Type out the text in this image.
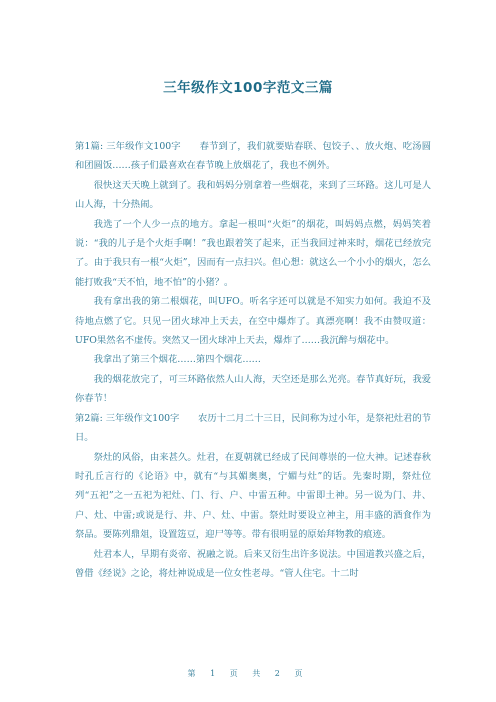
三年级作文100字范文三篇

第1篇: 三年级作文100字　　春节到了，我们就要贴春联、包饺子、、放火炮、吃汤圆和团圆饭……孩子们最喜欢在春节晚上放烟花了，我也不例外。

很快这天天晚上就到了。我和妈妈分别拿着一些烟花，来到了三环路。这儿可是人山人海，十分热闹。

我选了一个人少一点的地方。拿起一根叫“火炬”的烟花，叫妈妈点燃，妈妈笑着说：“我的儿子是个火炬手啊！”我也跟着笑了起来，正当我回过神来时，烟花已经放完了。由于我只有一根“火炬”，因而有一点扫兴。但心想：就这么一个小小的烟火，怎么能打败我“天不怕，地不怕”的小猪？。

我有拿出我的第二根烟花，叫UFO。听名字还可以就是不知实力如何。我迫不及待地点燃了它。只见一团火球冲上天去，在空中爆炸了。真漂亮啊！我不由赞叹道：UFO果然名不虚传。突然又一团火球冲上天去，爆炸了……我沉醉与烟花中。

我拿出了第三个烟花……第四个烟花……

我的烟花放完了，可三环路依然人山人海，天空还是那么光亮。春节真好玩，我爱你春节！

第2篇: 三年级作文100字　　农历十二月二十三日，民间称为过小年，是祭祀灶君的节日。

祭灶的风俗，由来甚久。灶君，在夏朝就已经成了民间尊崇的一位大神。记述春秋时孔丘言行的《论语》中，就有“与其媚奥奥，宁媚与灶”的话。先秦时期，祭灶位列“五祀”之一五祀为祀灶、门、行、户、中雷五种。中雷即土神。另一说为门、井、户、灶、中雷;或说是行、井、户、灶、中雷。祭灶时要设立神主，用丰盛的酒食作为祭品。要陈列鼎俎，设置笾豆，迎尸等等。带有很明显的原始拜物教的痕迹。

灶君本人，早期有炎帝、祝融之说。后来又衍生出许多说法。中国道教兴盛之后，曾借《经说》之论，将灶神说成是一位女性老母。“管人住宅。十二时

第 1 页 共 2 页
